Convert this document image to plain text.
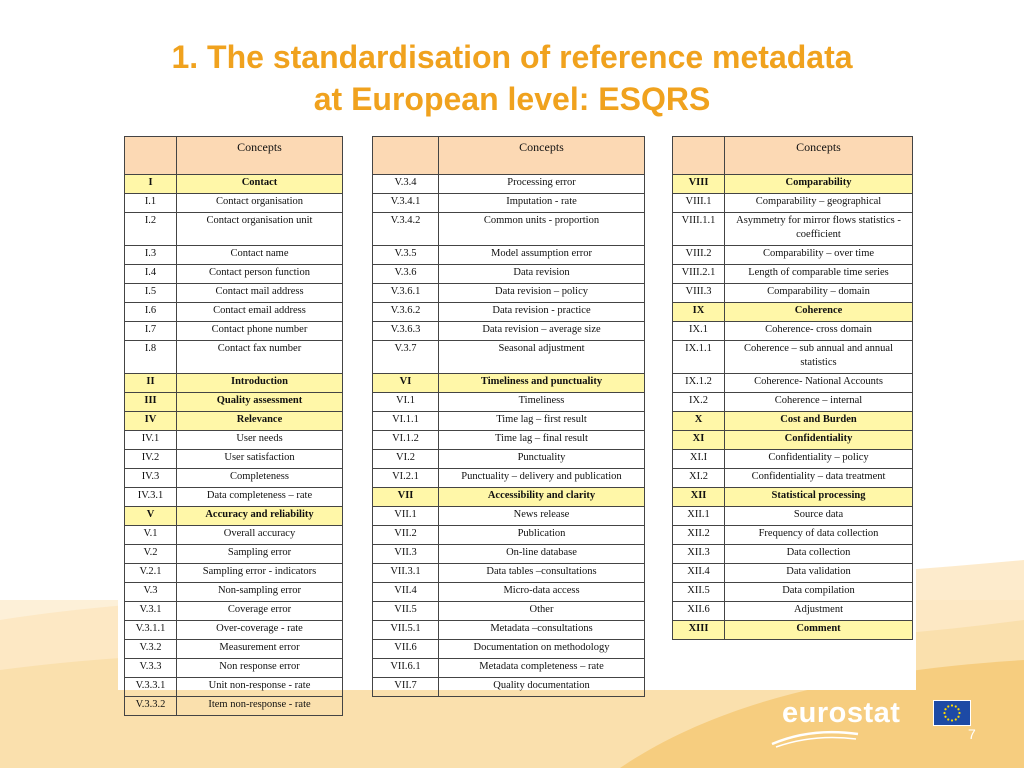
1. The standardisation of reference metadata
at European level: ESQRS
	Concepts
I	Contact
I.1	Contact organisation
I.2	Contact organisation unit
I.3	Contact name
I.4	Contact person function
I.5	Contact mail address
I.6	Contact email address
I.7	Contact phone number
I.8	Contact fax number
II	Introduction
III	Quality assessment
IV	Relevance
IV.1	User needs
IV.2	User satisfaction
IV.3	Completeness
IV.3.1	Data completeness – rate
V	Accuracy and reliability
V.1	Overall accuracy
V.2	Sampling error
V.2.1	Sampling error - indicators
V.3	Non-sampling error
V.3.1	Coverage error
V.3.1.1	Over-coverage - rate
V.3.2	Measurement error
V.3.3	Non response error
V.3.3.1	Unit non-response - rate
V.3.3.2	Item non-response - rate
	Concepts
V.3.4	Processing error
V.3.4.1	Imputation - rate
V.3.4.2	Common units - proportion
V.3.5	Model assumption error
V.3.6	Data revision
V.3.6.1	Data revision – policy
V.3.6.2	Data revision - practice
V.3.6.3	Data revision – average size
V.3.7	Seasonal adjustment
VI	Timeliness and punctuality
VI.1	Timeliness
VI.1.1	Time lag – first result
VI.1.2	Time lag – final result
VI.2	Punctuality
VI.2.1	Punctuality – delivery and publication
VII	Accessibility and clarity
VII.1	News release
VII.2	Publication
VII.3	On-line database
VII.3.1	Data tables –consultations
VII.4	Micro-data access
VII.5	Other
VII.5.1	Metadata –consultations
VII.6	Documentation on methodology
VII.6.1	Metadata completeness – rate
VII.7	Quality documentation
	Concepts
VIII	Comparability
VIII.1	Comparability – geographical
VIII.1.1	Asymmetry for mirror flows statistics - coefficient
VIII.2	Comparability – over time
VIII.2.1	Length of comparable time series
VIII.3	Comparability – domain
IX	Coherence
IX.1	Coherence- cross domain
IX.1.1	Coherence – sub annual and annual statistics
IX.1.2	Coherence- National Accounts
IX.2	Coherence – internal
X	Cost and Burden
XI	Confidentiality
XI.I	Confidentiality – policy
XI.2	Confidentiality – data treatment
XII	Statistical processing
XII.1	Source data
XII.2	Frequency of data collection
XII.3	Data collection
XII.4	Data validation
XII.5	Data compilation
XII.6	Adjustment
XIII	Comment
eurostat
7
